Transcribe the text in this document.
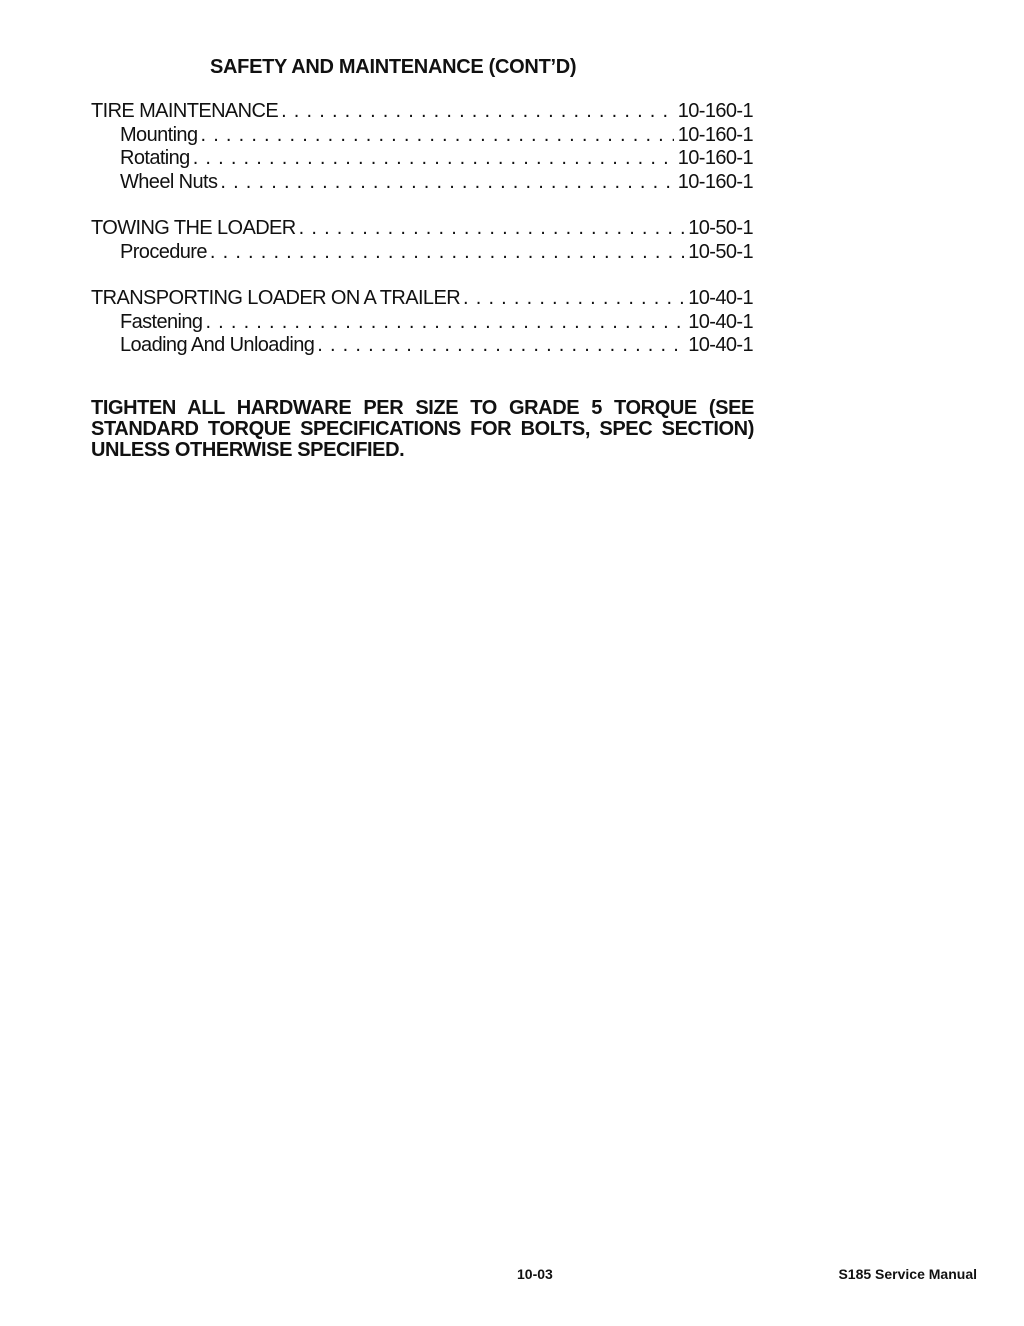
SAFETY AND MAINTENANCE (CONT’D)
TIRE MAINTENANCE . . .	10-160-1
Mounting . . .	10-160-1
Rotating . . .	10-160-1
Wheel Nuts . . .	10-160-1
TOWING THE LOADER . . .	10-50-1
Procedure . . .	10-50-1
TRANSPORTING LOADER ON A TRAILER . . .	10-40-1
Fastening . . .	10-40-1
Loading And Unloading . . .	10-40-1
TIGHTEN ALL HARDWARE PER SIZE TO GRADE 5 TORQUE (SEE STANDARD TORQUE SPECIFICATIONS FOR BOLTS, SPEC SECTION) UNLESS OTHERWISE SPECIFIED.
10-03	S185 Service Manual
